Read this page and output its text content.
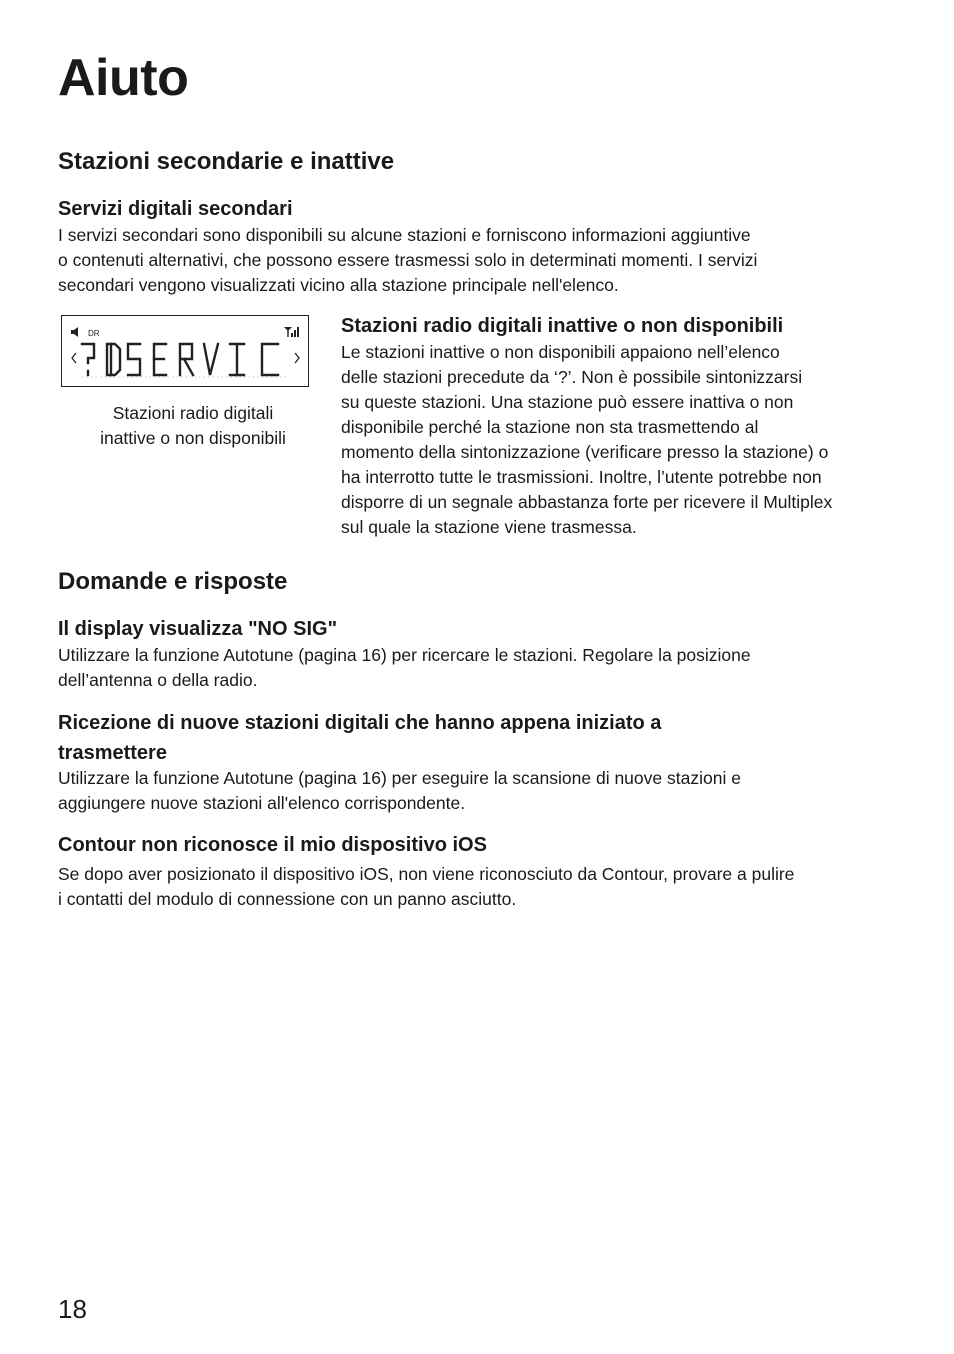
Aiuto
Stazioni secondarie e inattive
Servizi digitali secondari

I servizi secondari sono disponibili su alcune stazioni e forniscono informazioni aggiuntive

o contenuti alternativi, che possono essere trasmessi solo in determinati momenti. I servizi

secondari vengono visualizzati vicino alla stazione principale nell'elenco.

DR
Stazioni radio digitali
inattive o non disponibili
Stazioni radio digitali inattive o non disponibili

Le stazioni inattive o non disponibili appaiono nell’elenco

delle stazioni precedute da ‘?’. Non è possibile sintonizzarsi

su queste stazioni. Una stazione può essere inattiva o non

disponibile perché la stazione non sta trasmettendo al

momento della sintonizzazione (verificare presso la stazione) o

ha interrotto tutte le trasmissioni. Inoltre, l’utente potrebbe non

disporre di un segnale abbastanza forte per ricevere il Multiplex

sul quale la stazione viene trasmessa.

Domande e risposte
Il display visualizza "NO SIG"

Utilizzare la funzione Autotune (pagina 16) per ricercare le stazioni. Regolare la posizione

dell’antenna o della radio.

Ricezione di nuove stazioni digitali che hanno appena iniziato a
trasmettere

Utilizzare la funzione Autotune (pagina 16) per eseguire la scansione di nuove stazioni e

aggiungere nuove stazioni all'elenco corrispondente.

Contour non riconosce il mio dispositivo iOS

Se dopo aver posizionato il dispositivo iOS, non viene riconosciuto da Contour, provare a pulire

i contatti del modulo di connessione con un panno asciutto.

18
